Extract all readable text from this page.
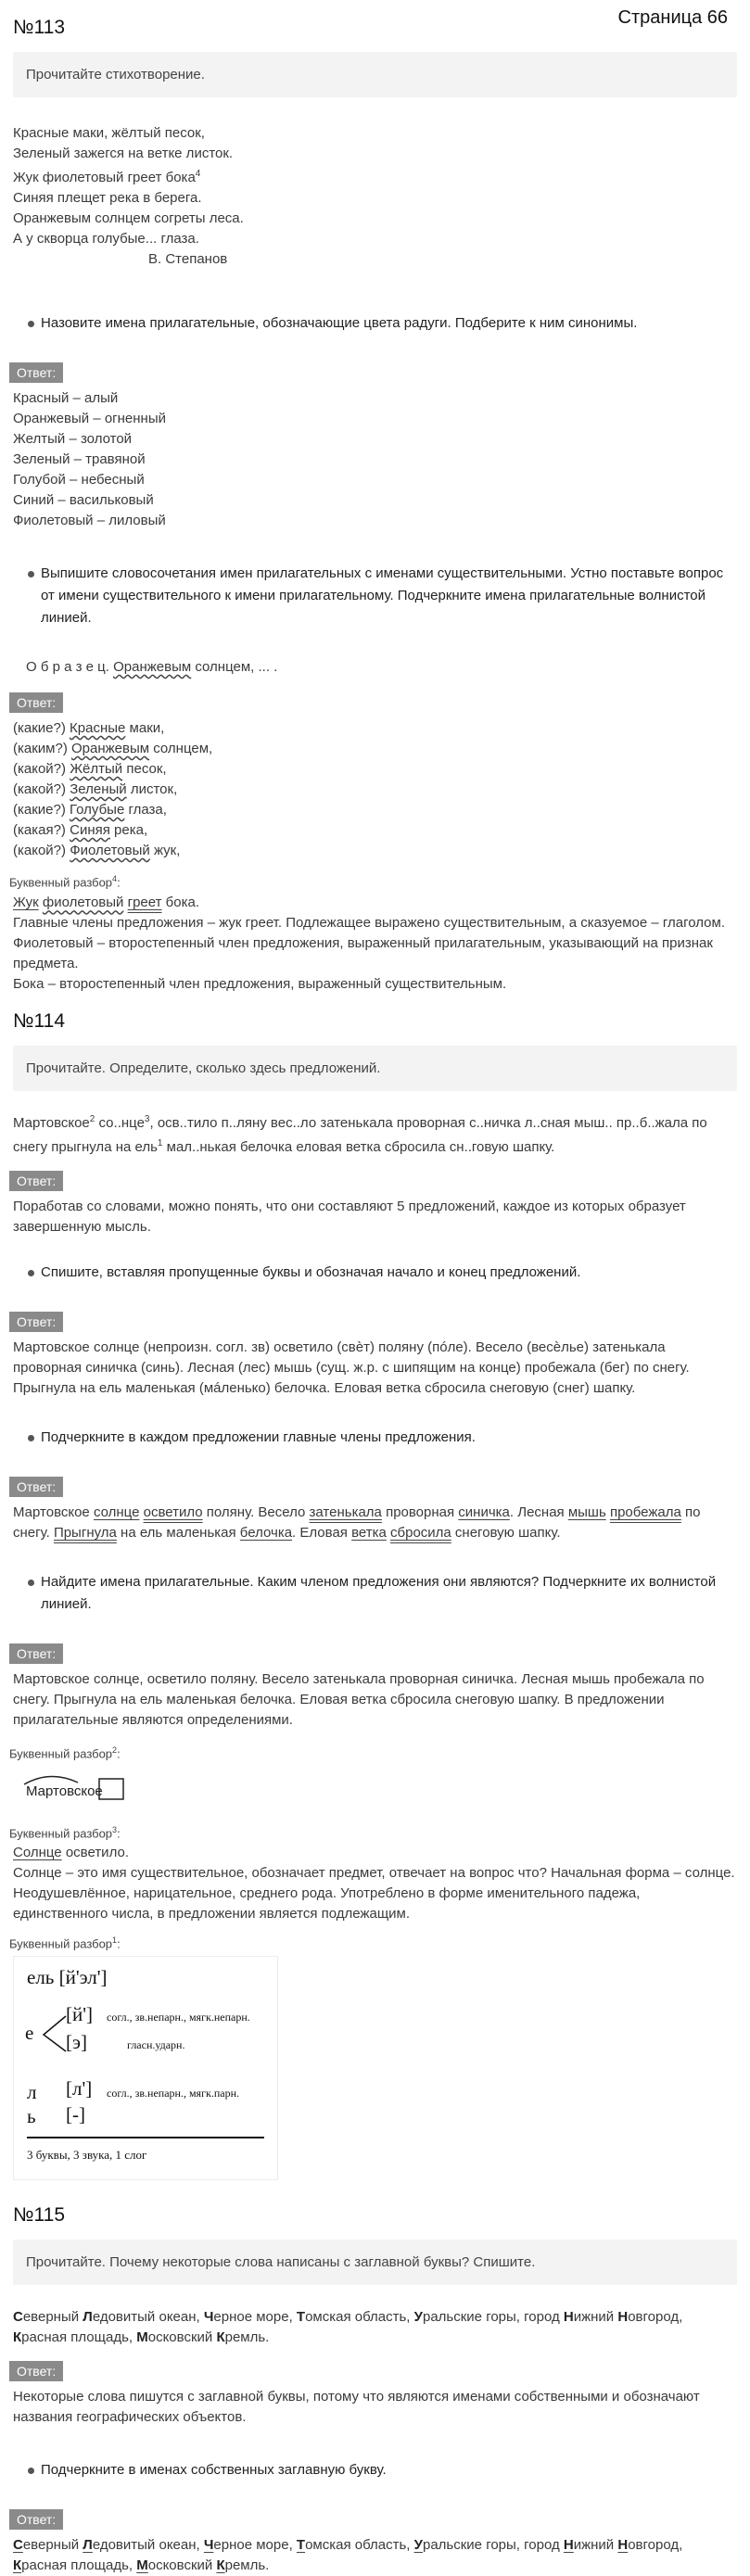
Страница 66
№113
Прочитайте стихотворение.
Красные маки, жёлтый песок,
Зеленый зажегся на ветке листок.
Жук фиолетовый греет бока$^4$
Синяя плещет река в берега.
Оранжевым солнцем согреты леса.
А у скворца голубые... глаза.
В. Степанов
Назовите имена прилагательные, обозначающие цвета радуги. Подберите к ним синонимы.
Ответ:
Красный – алый
Оранжевый – огненный
Желтый – золотой
Зеленый – травяной
Голубой – небесный
Синий – васильковый
Фиолетовый – лиловый
Выпишите словосочетания имен прилагательных с именами существительными. Устно поставьте вопрос от имени существительного к имени прилагательному. Подчеркните имена прилагательные волнистой линией.
О б р а з е ц. Оранжевым солнцем, ... .
Ответ:
(какие?) Красные маки,
(каким?) Оранжевым солнцем,
(какой?) Жёлтый песок,
(какой?) Зеленый листок,
(какие?) Голубые глаза,
(какая?) Синяя река,
(какой?) Фиолетовый жук,
Буквенный разбор$^4$:
Жук фиолетовый греет бока.
Главные члены предложения – жук греет. Подлежащее выражено существительным, а сказуемое – глаголом.
Фиолетовый – второстепенный член предложения, выраженный прилагательным, указывающий на признак предмета.
Бока – второстепенный член предложения, выраженный существительным.
№114
Прочитайте. Определите, сколько здесь предложений.
Мартовское$^2$ со..нце$^3$, осв..тило п..ляну вес..ло затенькала проворная с..ничка л..сная мыш.. пр..б..жала по снегу прыгнула на ель$^1$ мал..нькая белочка еловая ветка сбросила сн..говую шапку.
Ответ:
Поработав со словами, можно понять, что они составляют 5 предложений, каждое из которых образует завершенную мысль.
Спишите, вставляя пропущенные буквы и обозначая начало и конец предложений.
Ответ:
Мартовское солнце (непроизн. согл. зв) осветило (свѐт) поляну (пóле). Весело (весѐлье) затенькала проворная синичка (синь). Лесная (лес) мышь (сущ. ж.р. с шипящим на конце) пробежала (бег) по снегу. Прыгнула на ель маленькая (мáленько) белочка. Еловая ветка сбросила снеговую (снег) шапку.
Подчеркните в каждом предложении главные члены предложения.
Ответ:
Мартовское солнце осветило поляну. Весело затенькала проворная синичка. Лесная мышь пробежала по снегу. Прыгнула на ель маленькая белочка. Еловая ветка сбросила снеговую шапку.
Найдите имена прилагательные. Каким членом предложения они являются? Подчеркните их волнистой линией.
Ответ:
Мартовское солнце, осветило поляну. Весело затенькала проворная синичка. Лесная мышь пробежала по снегу. Прыгнула на ель маленькая белочка. Еловая ветка сбросила снеговую шапку. В предложении прилагательные являются определениями.
Буквенный разбор$^2$:
Мартовское
Буквенный разбор$^3$:
Солнце осветило.
Солнце – это имя существительное, обозначает предмет, отвечает на вопрос что? Начальная форма – солнце. Неодушевлённое, нарицательное, среднего рода. Употреблено в форме именительного падежа, единственного числа, в предложении является подлежащим.
Буквенный разбор$^1$:
ель [й'эл']
е
[й'] согл., зв.непарн., мягк.непарн.
[э]	гласн.ударн.
л [л'] согл., зв.непарн., мягк.парн.
ь [-]
3 буквы, 3 звука, 1 слог
№115
Прочитайте. Почему некоторые слова написаны с заглавной буквы? Спишите.
Северный Ледовитый океан, Черное море, Томская область, Уральские горы, город Нижний Новгород, Красная площадь, Московский Кремль.
Ответ:
Некоторые слова пишутся с заглавной буквы, потому что являются именами собственными и обозначают названия географических объектов.
Подчеркните в именах собственных заглавную букву.
Ответ:
Северный Ледовитый океан, Черное море, Томская область, Уральские горы, город Нижний Новгород, Красная площадь, Московский Кремль.
